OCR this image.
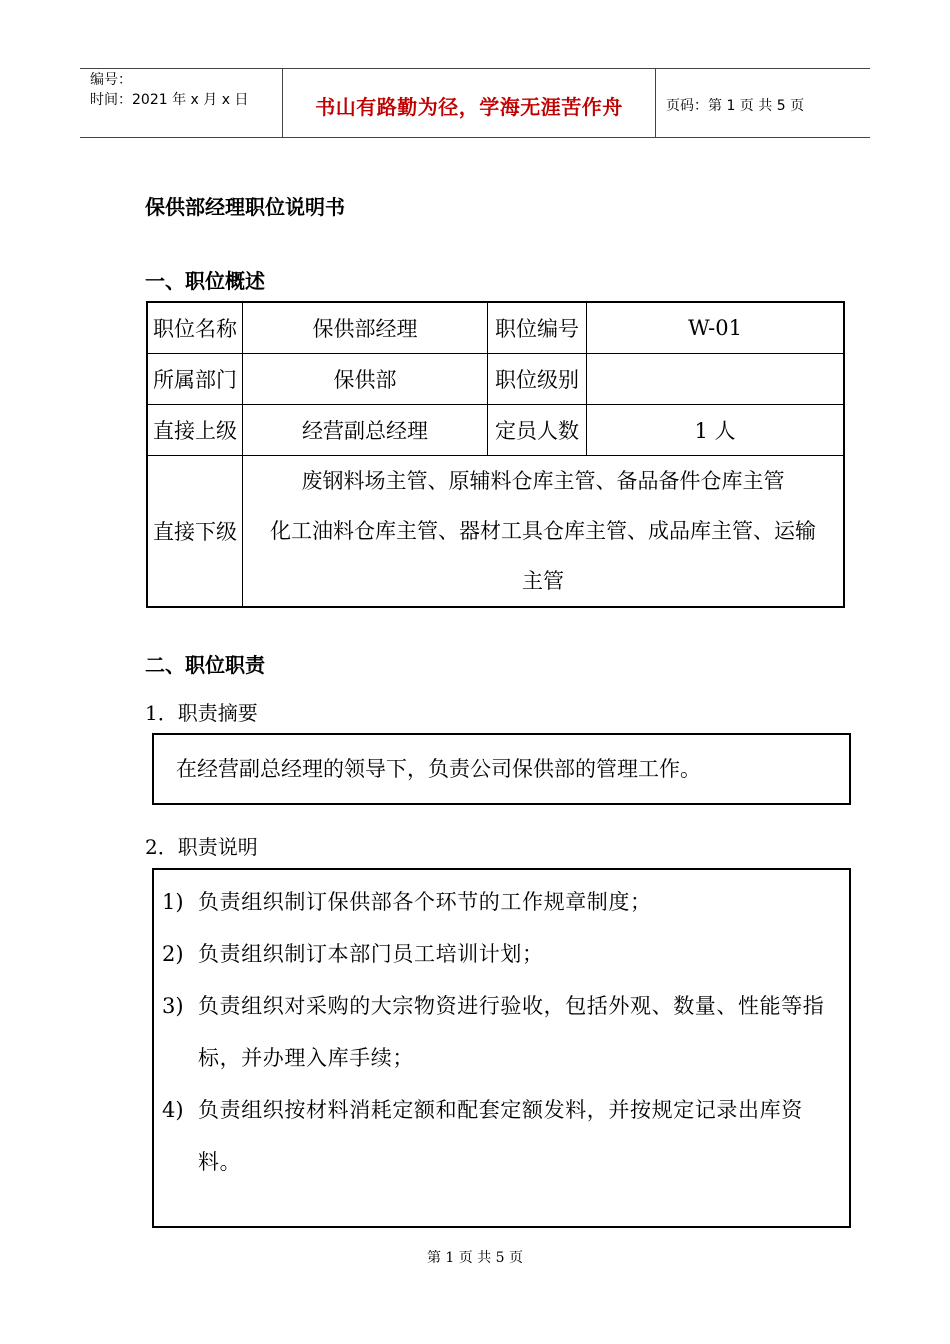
编号：
时间：2021 年 x 月 x 日	书山有路勤为径，学海无涯苦作舟	页码：第 1 页 共 5 页
保供部经理职位说明书
一、职位概述
职位名称	保供部经理	职位编号	W-01
所属部门	保供部	职位级别	
直接上级	经营副总经理	定员人数	1 人
直接下级	废钢料场主管、原辅料仓库主管、备品备件仓库主管
化工油料仓库主管、器材工具仓库主管、成品库主管、运输
主管		
二、职位职责
1．职责摘要
在经营副总经理的领导下，负责公司保供部的管理工作。
2．职责说明
1) 负责组织制订保供部各个环节的工作规章制度；
2) 负责组织制订本部门员工培训计划；
3) 负责组织对采购的大宗物资进行验收，包括外观、数量、性能等指标，并办理入库手续；
4) 负责组织按材料消耗定额和配套定额发料，并按规定记录出库资料。
第 1 页 共 5 页
